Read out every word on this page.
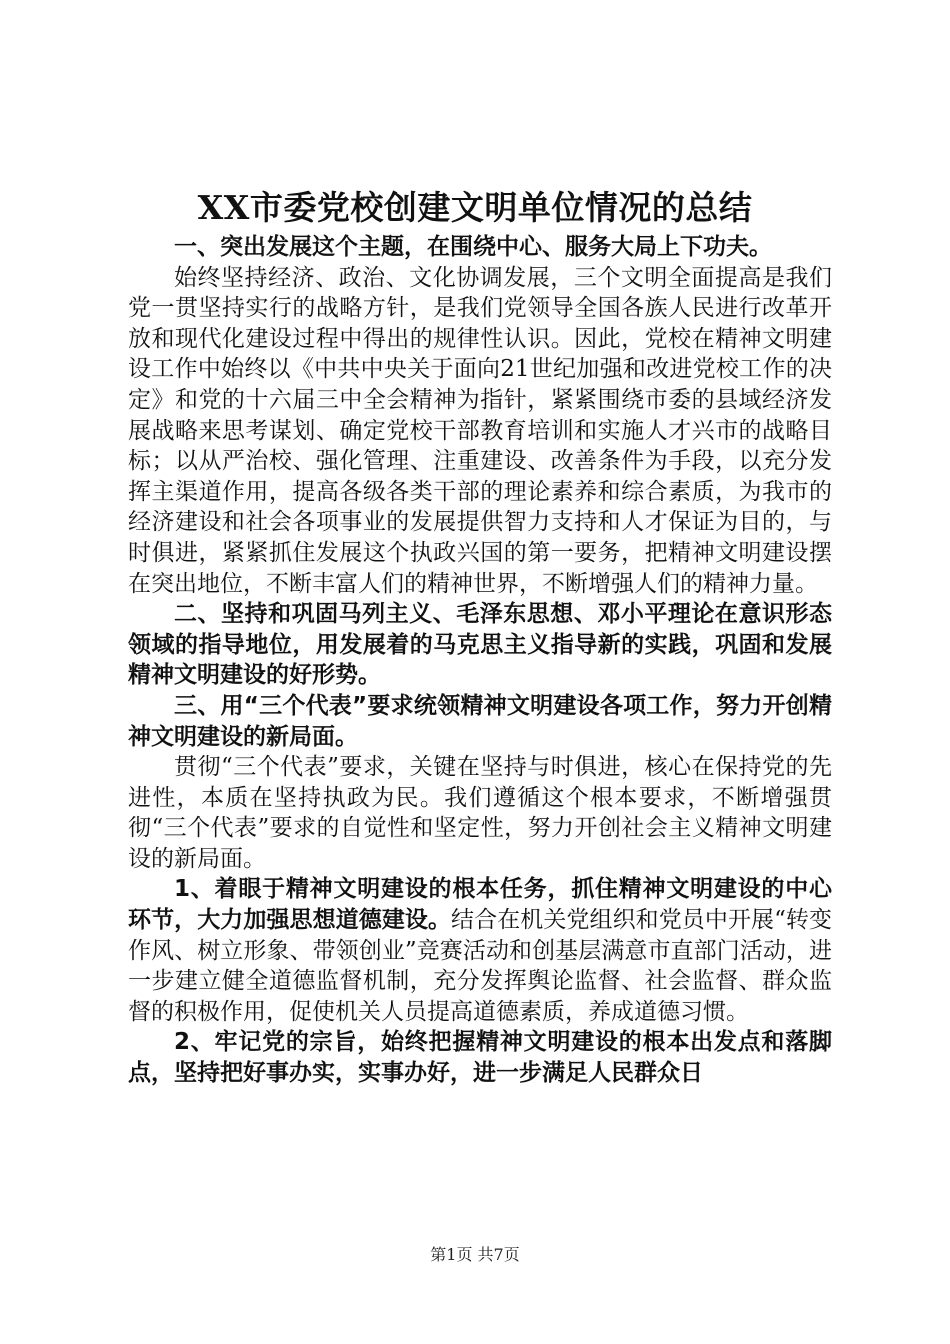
XX市委党校创建文明单位情况的总结

一、突出发展这个主题，在围绕中心、服务大局上下功夫。

始终坚持经济、政治、文化协调发展，三个文明全面提高是我们党一贯坚持实行的战略方针，是我们党领导全国各族人民进行改革开放和现代化建设过程中得出的规律性认识。因此，党校在精神文明建设工作中始终以《中共中央关于面向21世纪加强和改进党校工作的决定》和党的十六届三中全会精神为指针，紧紧围绕市委的县域经济发展战略来思考谋划、确定党校干部教育培训和实施人才兴市的战略目标；以从严治校、强化管理、注重建设、改善条件为手段，以充分发挥主渠道作用，提高各级各类干部的理论素养和综合素质，为我市的经济建设和社会各项事业的发展提供智力支持和人才保证为目的，与时俱进，紧紧抓住发展这个执政兴国的第一要务，把精神文明建设摆在突出地位，不断丰富人们的精神世界，不断增强人们的精神力量。

二、坚持和巩固马列主义、毛泽东思想、邓小平理论在意识形态领域的指导地位，用发展着的马克思主义指导新的实践，巩固和发展精神文明建设的好形势。

三、用“三个代表”要求统领精神文明建设各项工作，努力开创精神文明建设的新局面。

贯彻“三个代表”要求，关键在坚持与时俱进，核心在保持党的先进性，本质在坚持执政为民。我们遵循这个根本要求，不断增强贯彻“三个代表”要求的自觉性和坚定性，努力开创社会主义精神文明建设的新局面。

1、着眼于精神文明建设的根本任务，抓住精神文明建设的中心环节，大力加强思想道德建设。结合在机关党组织和党员中开展“转变作风、树立形象、带领创业”竞赛活动和创基层满意市直部门活动，进一步建立健全道德监督机制，充分发挥舆论监督、社会监督、群众监督的积极作用，促使机关人员提高道德素质，养成道德习惯。

2、牢记党的宗旨，始终把握精神文明建设的根本出发点和落脚点，坚持把好事办实，实事办好，进一步满足人民群众日

第1页 共7页
